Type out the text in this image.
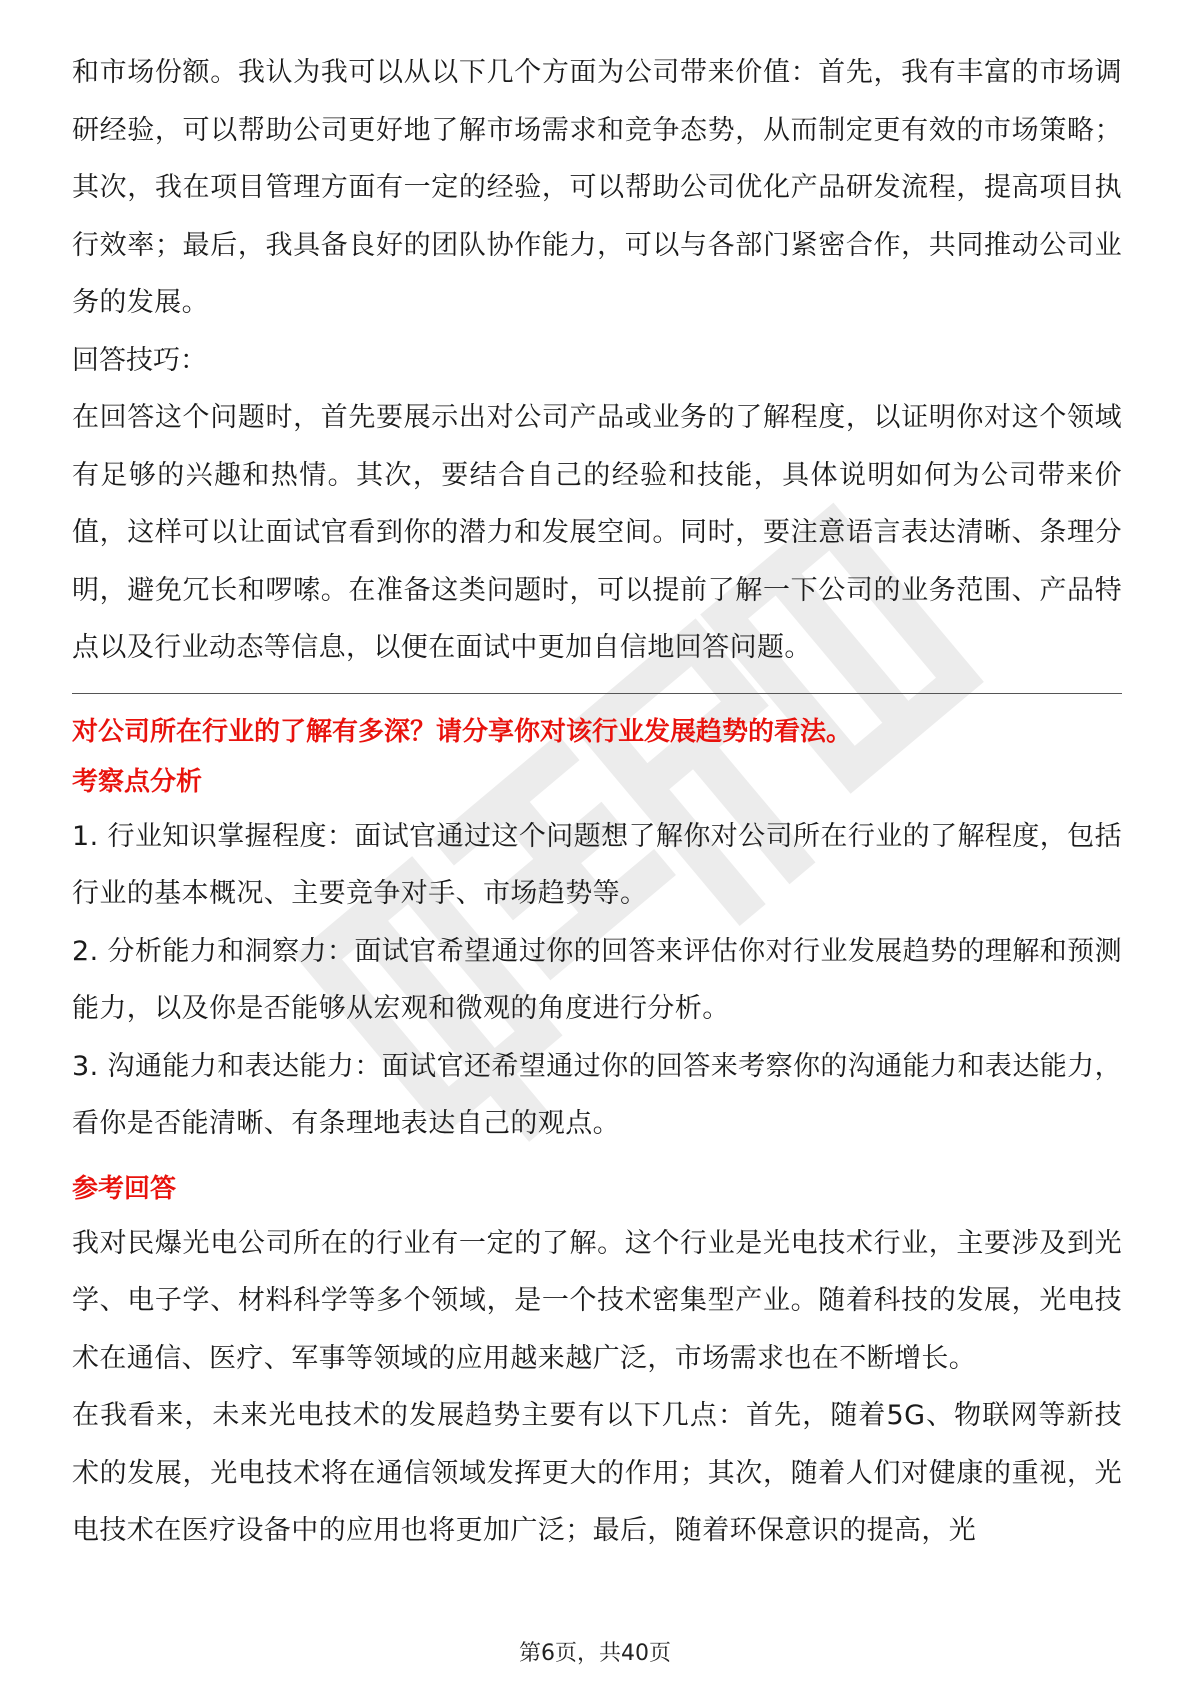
和市场份额。我认为我可以从以下几个方面为公司带来价值：首先，我有丰富的市场调研经验，可以帮助公司更好地了解市场需求和竞争态势，从而制定更有效的市场策略；其次，我在项目管理方面有一定的经验，可以帮助公司优化产品研发流程，提高项目执行效率；最后，我具备良好的团队协作能力，可以与各部门紧密合作，共同推动公司业务的发展。

回答技巧：

在回答这个问题时，首先要展示出对公司产品或业务的了解程度，以证明你对这个领域有足够的兴趣和热情。其次，要结合自己的经验和技能，具体说明如何为公司带来价值，这样可以让面试官看到你的潜力和发展空间。同时，要注意语言表达清晰、条理分明，避免冗长和啰嗦。在准备这类问题时，可以提前了解一下公司的业务范围、产品特点以及行业动态等信息，以便在面试中更加自信地回答问题。

对公司所在行业的了解有多深？请分享你对该行业发展趋势的看法。

考察点分析

1. 行业知识掌握程度：面试官通过这个问题想了解你对公司所在行业的了解程度，包括行业的基本概况、主要竞争对手、市场趋势等。

2. 分析能力和洞察力：面试官希望通过你的回答来评估你对行业发展趋势的理解和预测能力，以及你是否能够从宏观和微观的角度进行分析。

3. 沟通能力和表达能力：面试官还希望通过你的回答来考察你的沟通能力和表达能力，看你是否能清晰、有条理地表达自己的观点。

参考回答

我对民爆光电公司所在的行业有一定的了解。这个行业是光电技术行业，主要涉及到光学、电子学、材料科学等多个领域，是一个技术密集型产业。随着科技的发展，光电技术在通信、医疗、军事等领域的应用越来越广泛，市场需求也在不断增长。

在我看来，未来光电技术的发展趋势主要有以下几点：首先，随着5G、物联网等新技术的发展，光电技术将在通信领域发挥更大的作用；其次，随着人们对健康的重视，光电技术在医疗设备中的应用也将更加广泛；最后，随着环保意识的提高，光

第6页，共40页
